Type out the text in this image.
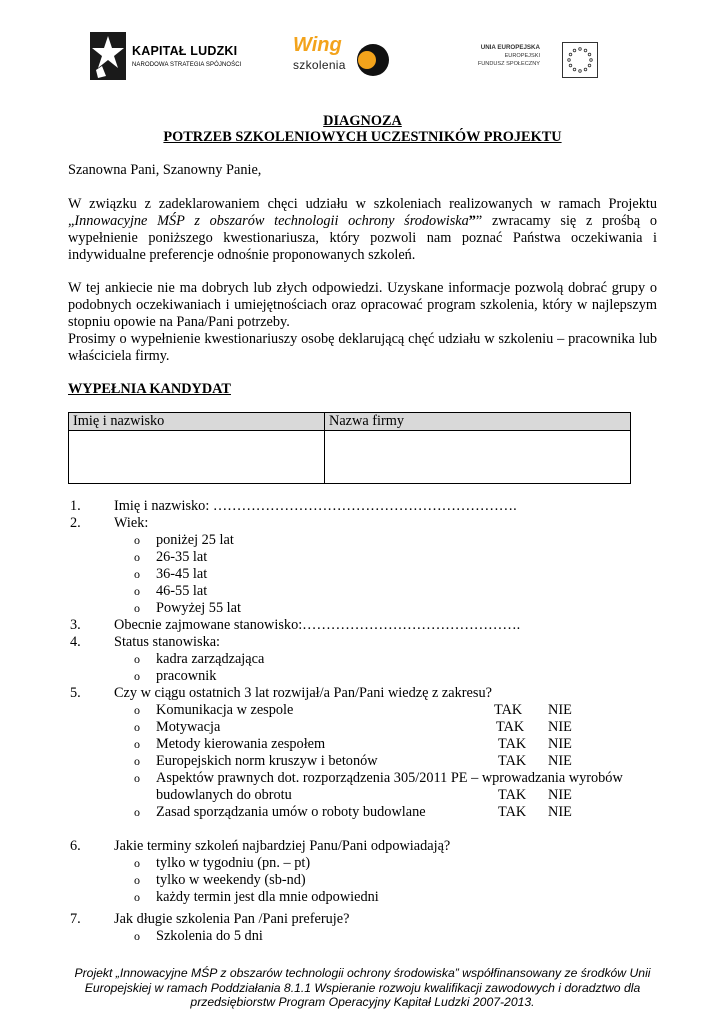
KAPITAŁ LUDZKI
NARODOWA STRATEGIA SPÓJNOŚCI
Wing
szkolenia
UNIA EUROPEJSKA
EUROPEJSKI
FUNDUSZ SPOŁECZNY
DIAGNOZA
POTRZEB SZKOLENIOWYCH UCZESTNIKÓW PROJEKTU
Szanowna Pani, Szanowny Panie,
W związku z zadeklarowaniem chęci udziału w szkoleniach realizowanych w ramach Projektu „Innowacyjne MŚP z obszarów technologii ochrony środowiska”” zwracamy się z prośbą o wypełnienie poniższego kwestionariusza, który pozwoli nam poznać Państwa oczekiwania i indywidualne preferencje odnośnie proponowanych szkoleń.
W tej ankiecie nie ma dobrych lub złych odpowiedzi. Uzyskane informacje pozwolą dobrać grupy o podobnych oczekiwaniach i umiejętnościach oraz opracować program szkolenia, który w najlepszym stopniu opowie na Pana/Pani potrzeby.
Prosimy o wypełnienie kwestionariuszy osobę deklarującą chęć udziału w szkoleniu – pracownika lub właściciela firmy.
WYPEŁNIA KANDYDAT
Imię i nazwisko	Nazwa firmy

1. Imię i nazwisko: ……………………………………………………….
2. Wiek:
o poniżej 25 lat
o 26-35 lat
o 36-45 lat
o 46-55 lat
o Powyżej 55 lat
3. Obecnie zajmowane stanowisko:……………………………………….
4. Status stanowiska:
o kadra zarządzająca
o pracownik
5. Czy w ciągu ostatnich 3 lat rozwijał/a Pan/Pani wiedzę z zakresu?
o Komunikacja w zespole	TAK NIE
o Motywacja	TAK NIE
o Metody kierowania zespołem	TAK NIE
o Europejskich norm kruszyw i betonów	TAK NIE
o Aspektów prawnych dot. rozporządzenia 305/2011 PE – wprowadzania wyrobów
budowlanych do obrotu	TAK NIE
o Zasad sporządzania umów o roboty budowlane	TAK NIE
6. Jakie terminy szkoleń najbardziej Panu/Pani odpowiadają?
o tylko w tygodniu (pn. – pt)
o tylko w weekendy (sb-nd)
o każdy termin jest dla mnie odpowiedni
7. Jak długie szkolenia Pan /Pani preferuje?
o Szkolenia do 5 dni
Projekt „Innowacyjne MŚP z obszarów technologii ochrony środowiska” współfinansowany ze środków Unii
Europejskiej w ramach Poddziałania 8.1.1 Wspieranie rozwoju kwalifikacji zawodowych i doradztwo dla
przedsiębiorstw Program Operacyjny Kapitał Ludzki 2007-2013.
